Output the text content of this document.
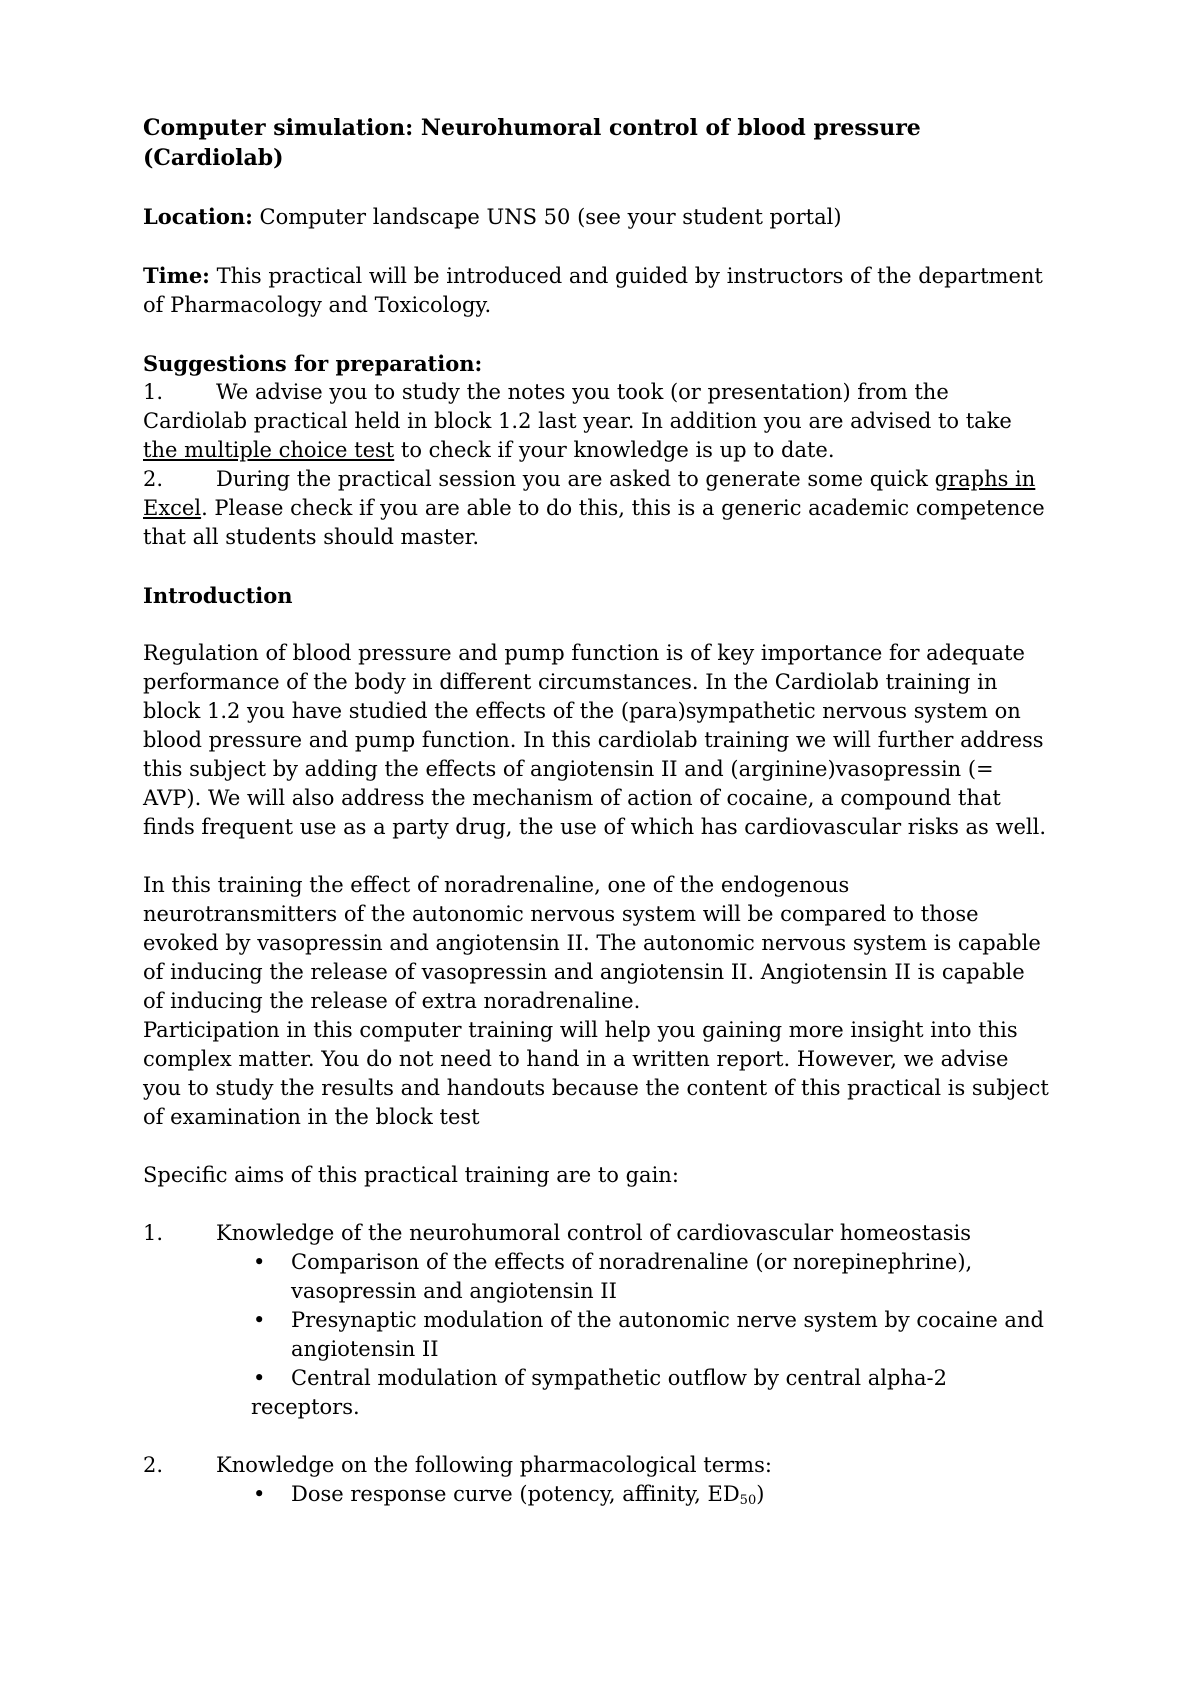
Computer simulation: Neurohumoral control of blood pressure
(Cardiolab)

Location: Computer landscape UNS 50 (see your student portal)

Time: This practical will be introduced and guided by instructors of the department of Pharmacology and Toxicology.

Suggestions for preparation:

1.	We advise you to study the notes you took (or presentation) from the Cardiolab practical held in block 1.2 last year. In addition you are advised to take the multiple choice test to check if your knowledge is up to date.

2.	During the practical session you are asked to generate some quick graphs in Excel. Please check if you are able to do this, this is a generic academic competence that all students should master.

Introduction

Regulation of blood pressure and pump function is of key importance for adequate performance of the body in different circumstances. In the Cardiolab training in block 1.2 you have studied the effects of the (para)sympathetic nervous system on blood pressure and pump function. In this cardiolab training we will further address this subject by adding the effects of angiotensin II and (arginine)vasopressin (= AVP). We will also address the mechanism of action of cocaine, a compound that finds frequent use as a party drug, the use of which has cardiovascular risks as well.

In this training the effect of noradrenaline, one of the endogenous neurotransmitters of the autonomic nervous system will be compared to those evoked by vasopressin and angiotensin II. The autonomic nervous system is capable of inducing the release of vasopressin and angiotensin II. Angiotensin II is capable of inducing the release of extra noradrenaline.

Participation in this computer training will help you gaining more insight into this complex matter. You do not need to hand in a written report. However, we advise you to study the results and handouts because the content of this practical is subject of examination in the block test

Specific aims of this practical training are to gain:

1.	Knowledge of the neurohumoral control of cardiovascular homeostasis
•	Comparison of the effects of noradrenaline (or norepinephrine), vasopressin and angiotensin II
•	Presynaptic modulation of the autonomic nerve system by cocaine and angiotensin II

• Central modulation of sympathetic outflow by central alpha-2
receptors.

2.	Knowledge on the following pharmacological terms:
•	Dose response curve (potency, affinity, $ED_{50}$)
